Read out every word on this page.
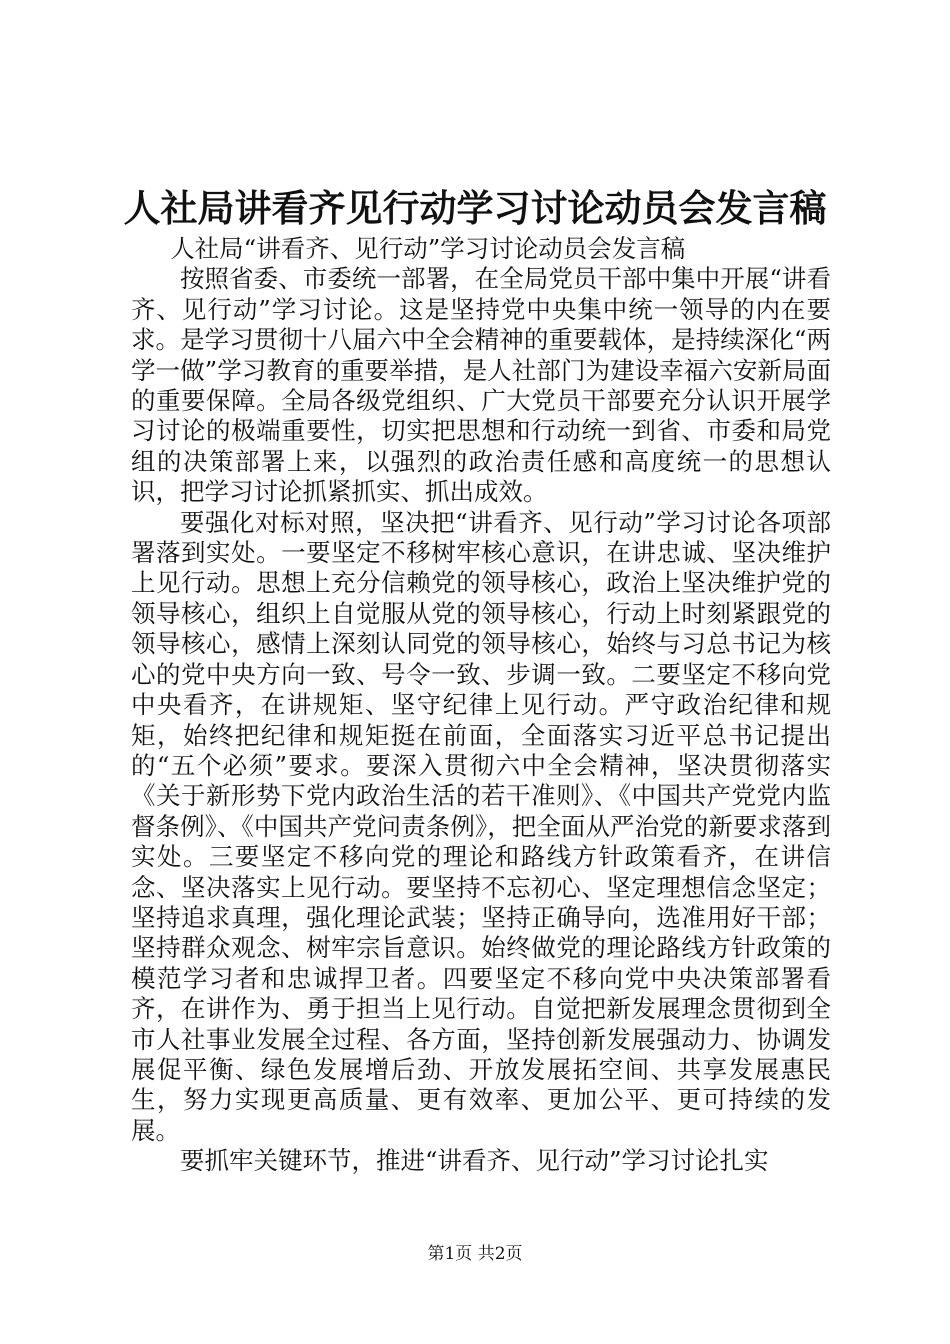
人社局讲看齐见行动学习讨论动员会发言稿

人社局“讲看齐、见行动”学习讨论动员会发言稿

按照省委、市委统一部署，在全局党员干部中集中开展“讲看齐、见行动”学习讨论。这是坚持党中央集中统一领导的内在要求。是学习贯彻十八届六中全会精神的重要载体，是持续深化“两学一做”学习教育的重要举措，是人社部门为建设幸福六安新局面的重要保障。全局各级党组织、广大党员干部要充分认识开展学习讨论的极端重要性，切实把思想和行动统一到省、市委和局党组的决策部署上来，以强烈的政治责任感和高度统一的思想认识，把学习讨论抓紧抓实、抓出成效。

要强化对标对照，坚决把“讲看齐、见行动”学习讨论各项部署落到实处。一要坚定不移树牢核心意识，在讲忠诚、坚决维护上见行动。思想上充分信赖党的领导核心，政治上坚决维护党的领导核心，组织上自觉服从党的领导核心，行动上时刻紧跟党的领导核心，感情上深刻认同党的领导核心，始终与习总书记为核心的党中央方向一致、号令一致、步调一致。二要坚定不移向党中央看齐，在讲规矩、坚守纪律上见行动。严守政治纪律和规矩，始终把纪律和规矩挺在前面，全面落实习近平总书记提出的“五个必须”要求。要深入贯彻六中全会精神，坚决贯彻落实《关于新形势下党内政治生活的若干准则》、《中国共产党党内监督条例》、《中国共产党问责条例》，把全面从严治党的新要求落到实处。三要坚定不移向党的理论和路线方针政策看齐，在讲信念、坚决落实上见行动。要坚持不忘初心、坚定理想信念坚定；坚持追求真理，强化理论武装；坚持正确导向，选准用好干部；坚持群众观念、树牢宗旨意识。始终做党的理论路线方针政策的模范学习者和忠诚捍卫者。四要坚定不移向党中央决策部署看齐，在讲作为、勇于担当上见行动。自觉把新发展理念贯彻到全市人社事业发展全过程、各方面，坚持创新发展强动力、协调发展促平衡、绿色发展增后劲、开放发展拓空间、共享发展惠民生，努力实现更高质量、更有效率、更加公平、更可持续的发展。

要抓牢关键环节，推进“讲看齐、见行动”学习讨论扎实

第1页 共2页
